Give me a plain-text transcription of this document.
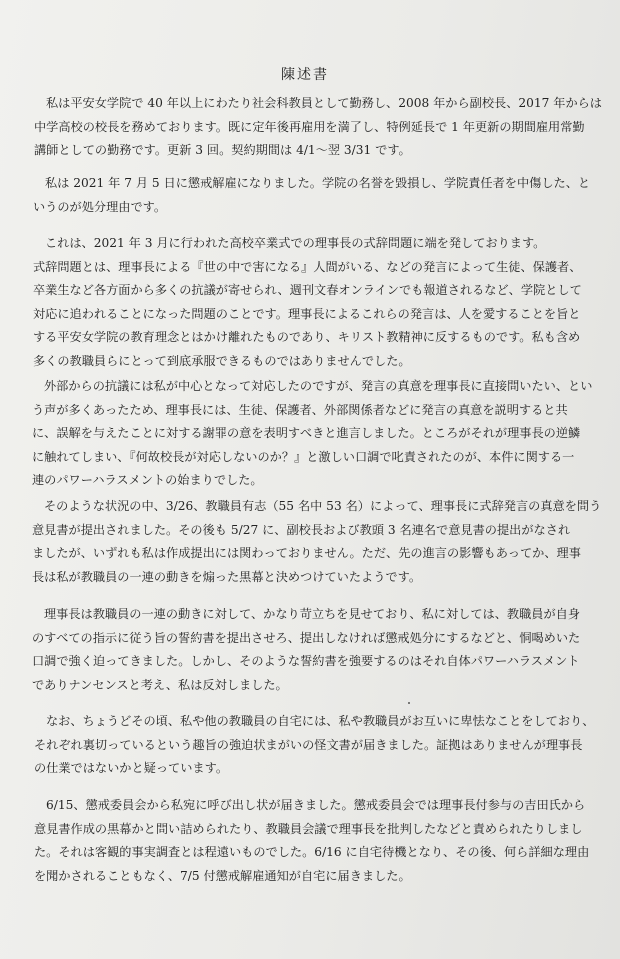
陳述書
私は平安女学院で 40 年以上にわたり社会科教員として勤務し、2008 年から副校長、2017 年からは
中学高校の校長を務めております。既に定年後再雇用を満了し、特例延長で 1 年更新の期間雇用常勤
講師としての勤務です。更新 3 回。契約期間は 4/1～翌 3/31 です。
私は 2021 年 7 月 5 日に懲戒解雇になりました。学院の名誉を毀損し、学院責任者を中傷した、と
いうのが処分理由です。
これは、2021 年 3 月に行われた高校卒業式での理事長の式辞問題に端を発しております。
式辞問題とは、理事長による『世の中で害になる』人間がいる、などの発言によって生徒、保護者、
卒業生など各方面から多くの抗議が寄せられ、週刊文春オンラインでも報道されるなど、学院として
対応に追われることになった問題のことです。理事長によるこれらの発言は、人を愛することを旨と
する平安女学院の教育理念とはかけ離れたものであり、キリスト教精神に反するものです。私も含め
多くの教職員らにとって到底承服できるものではありませんでした。
外部からの抗議には私が中心となって対応したのですが、発言の真意を理事長に直接問いたい、とい
う声が多くあったため、理事長には、生徒、保護者、外部関係者などに発言の真意を説明すると共
に、誤解を与えたことに対する謝罪の意を表明すべきと進言しました。ところがそれが理事長の逆鱗
に触れてしまい、『何故校長が対応しないのか？』と激しい口調で叱責されたのが、本件に関する一
連のパワーハラスメントの始まりでした。
そのような状況の中、3/26、教職員有志（55 名中 53 名）によって、理事長に式辞発言の真意を問う
意見書が提出されました。その後も 5/27 に、副校長および教頭 3 名連名で意見書の提出がなされ
ましたが、いずれも私は作成提出には関わっておりません。ただ、先の進言の影響もあってか、理事
長は私が教職員の一連の動きを煽った黒幕と決めつけていたようです。
理事長は教職員の一連の動きに対して、かなり苛立ちを見せており、私に対しては、教職員が自身
のすべての指示に従う旨の誓約書を提出させろ、提出しなければ懲戒処分にするなどと、恫喝めいた
口調で強く迫ってきました。しかし、そのような誓約書を強要するのはそれ自体パワーハラスメント
でありナンセンスと考え、私は反対しました。
なお、ちょうどその頃、私や他の教職員の自宅には、私や教職員がお互いに卑怯なことをしており、
それぞれ裏切っているという趣旨の強迫状まがいの怪文書が届きました。証拠はありませんが理事長
の仕業ではないかと疑っています。
6/15、懲戒委員会から私宛に呼び出し状が届きました。懲戒委員会では理事長付参与の吉田氏から
意見書作成の黒幕かと問い詰められたり、教職員会議で理事長を批判したなどと責められたりしまし
た。それは客観的事実調査とは程遠いものでした。6/16 に自宅待機となり、その後、何ら詳細な理由
を聞かされることもなく、7/5 付懲戒解雇通知が自宅に届きました。
